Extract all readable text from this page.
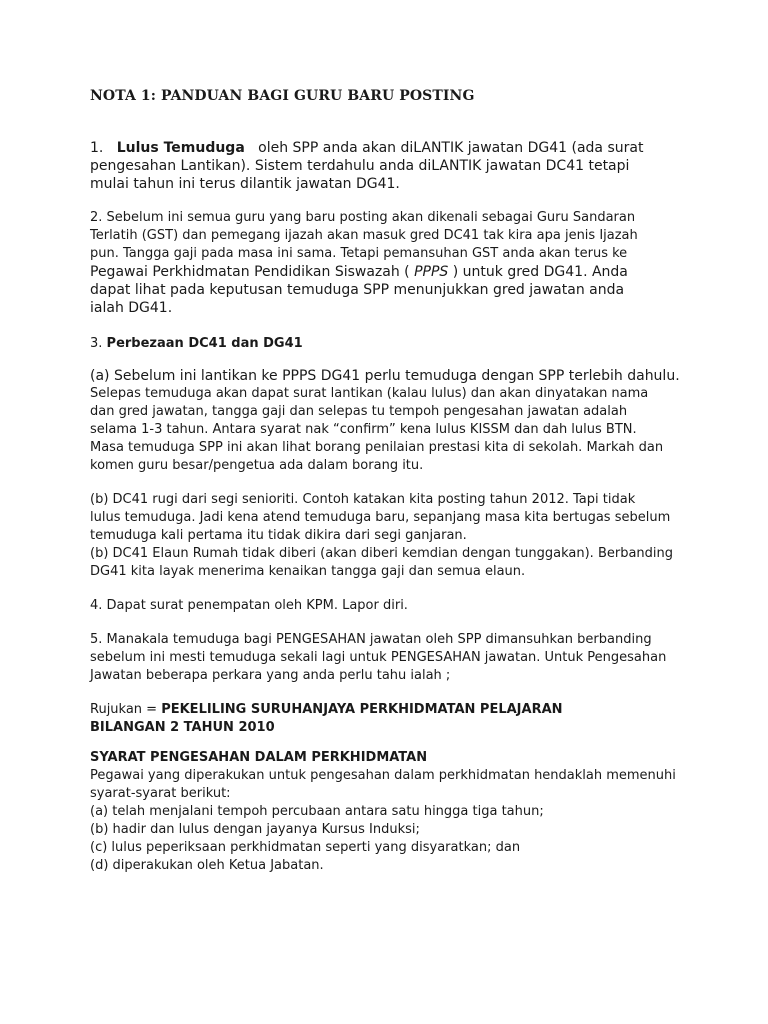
NOTA 1: PANDUAN BAGI GURU BARU POSTING

1. Lulus Temuduga oleh SPP anda akan diLANTIK jawatan DG41 (ada surat
pengesahan Lantikan). Sistem terdahulu anda diLANTIK jawatan DC41 tetapi
mulai tahun ini terus dilantik jawatan DG41.

2. Sebelum ini semua guru yang baru posting akan dikenali sebagai Guru Sandaran
Terlatih (GST) dan pemegang ijazah akan masuk gred DC41 tak kira apa jenis Ijazah
pun. Tangga gaji pada masa ini sama. Tetapi pemansuhan GST anda akan terus ke
Pegawai Perkhidmatan Pendidikan Siswazah ( PPPS ) untuk gred DG41. Anda
dapat lihat pada keputusan temuduga SPP menunjukkan gred jawatan anda
ialah DG41.

3. Perbezaan DC41 dan DG41

(a) Sebelum ini lantikan ke PPPS DG41 perlu temuduga dengan SPP terlebih dahulu.
Selepas temuduga akan dapat surat lantikan (kalau lulus) dan akan dinyatakan nama
dan gred jawatan, tangga gaji dan selepas tu tempoh pengesahan jawatan adalah
selama 1-3 tahun. Antara syarat nak “confirm” kena lulus KISSM dan dah lulus BTN.
Masa temuduga SPP ini akan lihat borang penilaian prestasi kita di sekolah. Markah dan
komen guru besar/pengetua ada dalam borang itu.

(b) DC41 rugi dari segi senioriti. Contoh katakan kita posting tahun 2012. Tapi tidak
lulus temuduga. Jadi kena atend temuduga baru, sepanjang masa kita bertugas sebelum
temuduga kali pertama itu tidak dikira dari segi ganjaran.
(b) DC41 Elaun Rumah tidak diberi (akan diberi kemdian dengan tunggakan). Berbanding
DG41 kita layak menerima kenaikan tangga gaji dan semua elaun.

4. Dapat surat penempatan oleh KPM. Lapor diri.

5. Manakala temuduga bagi PENGESAHAN jawatan oleh SPP dimansuhkan berbanding
sebelum ini mesti temuduga sekali lagi untuk PENGESAHAN jawatan. Untuk Pengesahan
Jawatan beberapa perkara yang anda perlu tahu ialah ;

Rujukan = PEKELILING SURUHANJAYA PERKHIDMATAN PELAJARAN
BILANGAN 2 TAHUN 2010

SYARAT PENGESAHAN DALAM PERKHIDMATAN
Pegawai yang diperakukan untuk pengesahan dalam perkhidmatan hendaklah memenuhi
syarat-syarat berikut:
(a) telah menjalani tempoh percubaan antara satu hingga tiga tahun;
(b) hadir dan lulus dengan jayanya Kursus Induksi;
(c) lulus peperiksaan perkhidmatan seperti yang disyaratkan; dan
(d) diperakukan oleh Ketua Jabatan.
